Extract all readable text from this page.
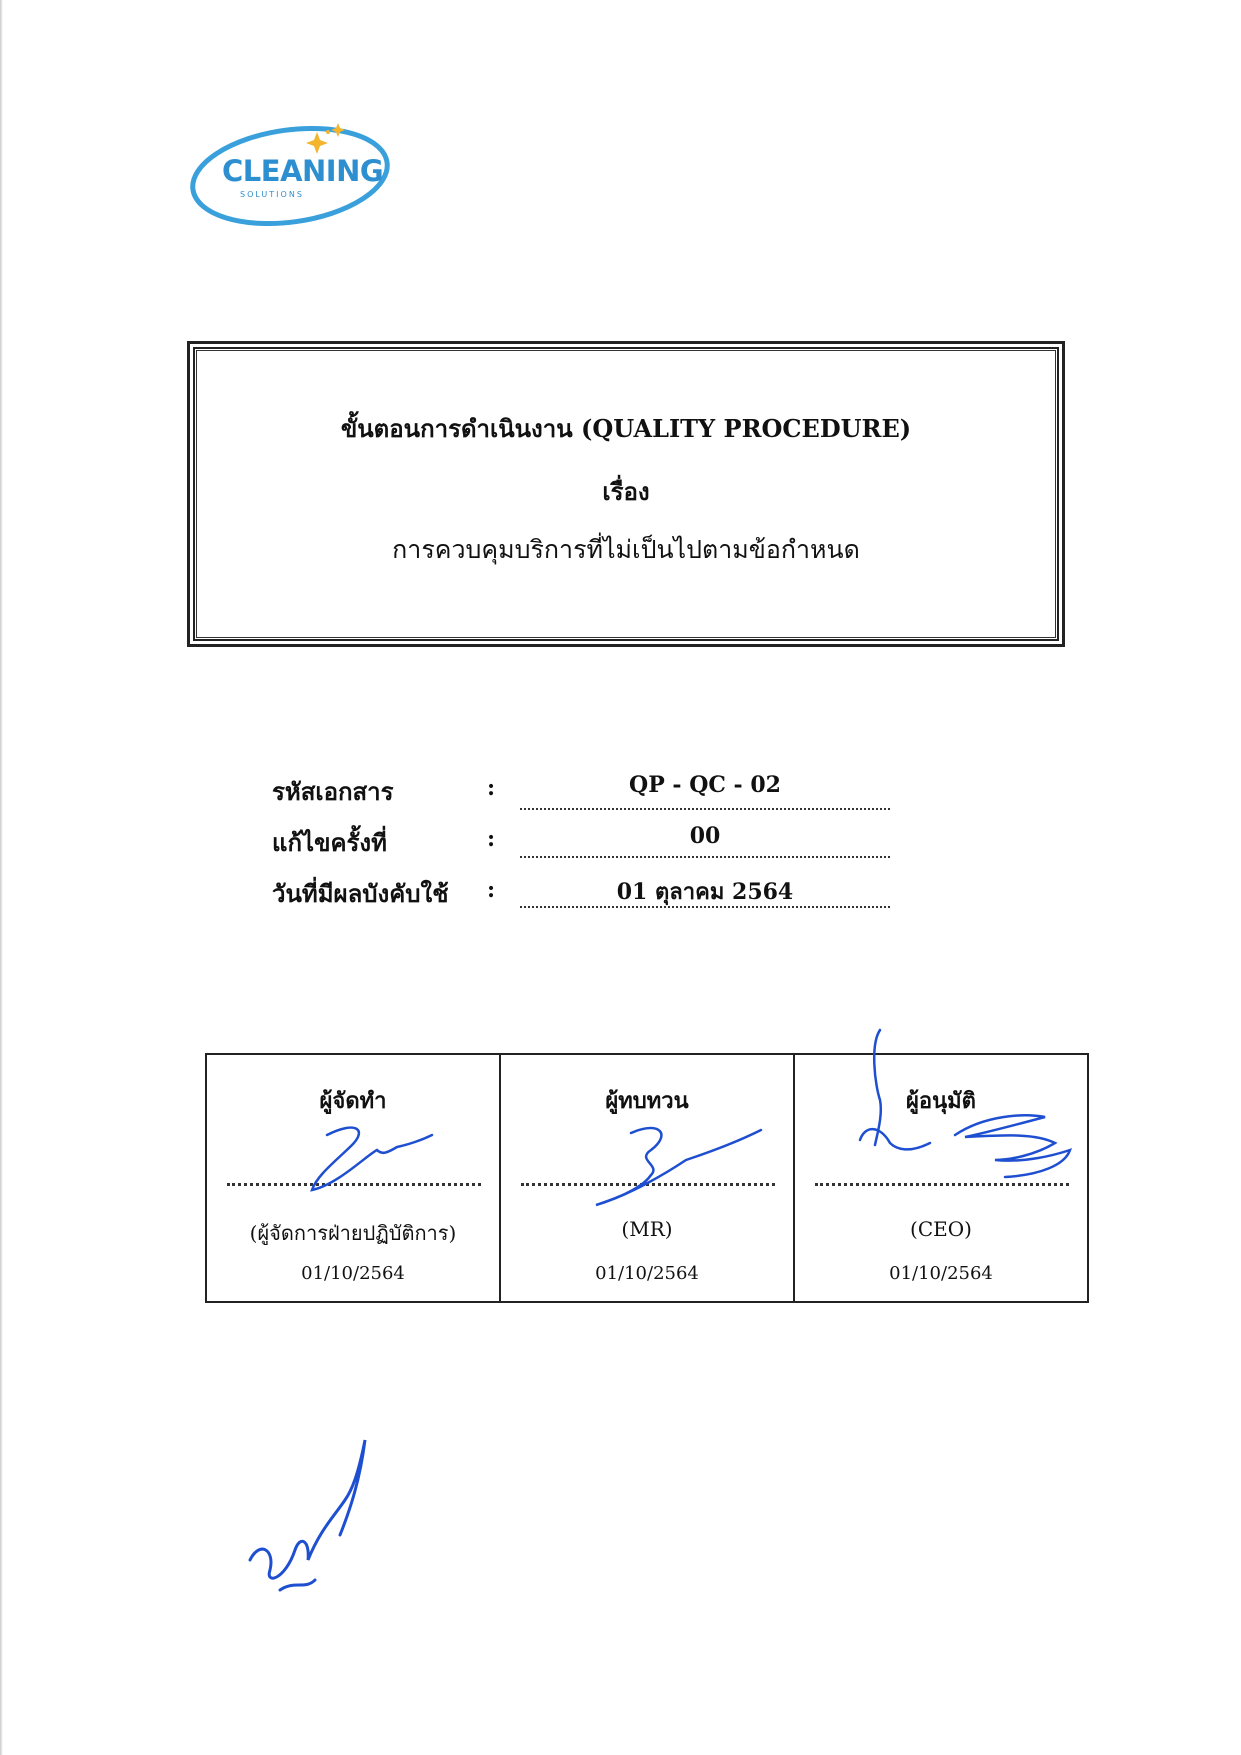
CLEANING
SOLUTIONS
ขั้นตอนการดำเนินงาน (QUALITY PROCEDURE)
เรื่อง
การควบคุมบริการที่ไม่เป็นไปตามข้อกำหนด
รหัสเอกสาร	:	QP - QC - 02
แก้ไขครั้งที่	:	00
วันที่มีผลบังคับใช้ :	01 ตุลาคม 2564
ผู้จัดทำ
(ผู้จัดการฝ่ายปฏิบัติการ)
01/10/2564
ผู้ทบทวน
(MR)
01/10/2564
ผู้อนุมัติ
(CEO)
01/10/2564
